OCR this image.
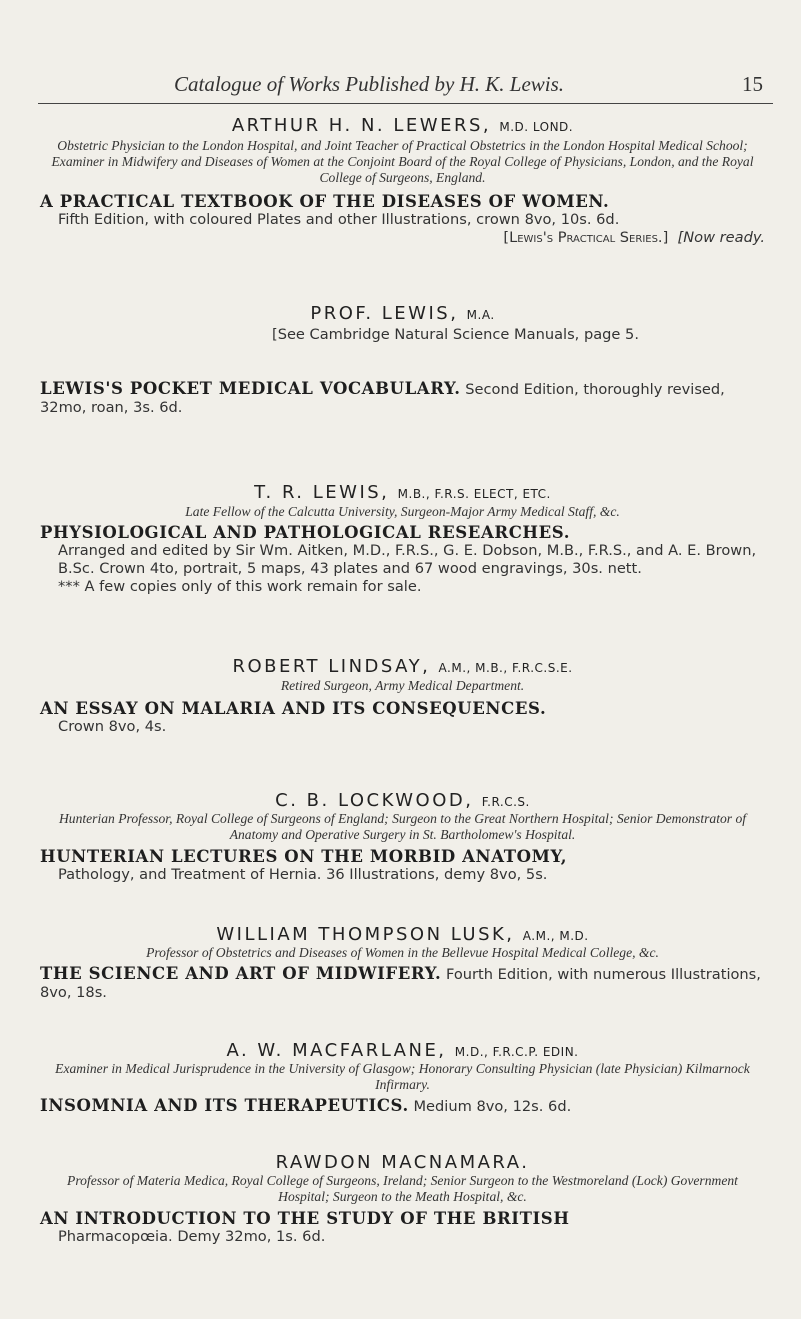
Catalogue of Works Published by H. K. Lewis.	15
ARTHUR H. N. LEWERS, M.D. LOND.
Obstetric Physician to the London Hospital, and Joint Teacher of Practical Obstetrics in the London Hospital Medical School; Examiner in Midwifery and Diseases of Women at the Conjoint Board of the Royal College of Physicians, London, and the Royal College of Surgeons, England.
A PRACTICAL TEXTBOOK OF THE DISEASES OF WOMEN.
Fifth Edition, with coloured Plates and other Illustrations, crown 8vo, 10s. 6d.
[Lewis's Practical Series.] [Now ready.
PROF. LEWIS, M.A.
[See Cambridge Natural Science Manuals, page 5.
LEWIS'S POCKET MEDICAL VOCABULARY. Second Edition, thoroughly revised, 32mo, roan, 3s. 6d.
T. R. LEWIS, M.B., F.R.S. ELECT, ETC.
Late Fellow of the Calcutta University, Surgeon-Major Army Medical Staff, &c.
PHYSIOLOGICAL AND PATHOLOGICAL RESEARCHES.
Arranged and edited by Sir Wm. Aitken, M.D., F.R.S., G. E. Dobson, M.B., F.R.S., and A. E. Brown, B.Sc. Crown 4to, portrait, 5 maps, 43 plates and 67 wood engravings, 30s. nett.
*** A few copies only of this work remain for sale.
ROBERT LINDSAY, A.M., M.B., F.R.C.S.E.
Retired Surgeon, Army Medical Department.
AN ESSAY ON MALARIA AND ITS CONSEQUENCES.
Crown 8vo, 4s.
C. B. LOCKWOOD, F.R.C.S.
Hunterian Professor, Royal College of Surgeons of England; Surgeon to the Great Northern Hospital; Senior Demonstrator of Anatomy and Operative Surgery in St. Bartholomew's Hospital.
HUNTERIAN LECTURES ON THE MORBID ANATOMY,
Pathology, and Treatment of Hernia. 36 Illustrations, demy 8vo, 5s.
WILLIAM THOMPSON LUSK, A.M., M.D.
Professor of Obstetrics and Diseases of Women in the Bellevue Hospital Medical College, &c.
THE SCIENCE AND ART OF MIDWIFERY. Fourth Edition, with numerous Illustrations, 8vo, 18s.
A. W. MACFARLANE, M.D., F.R.C.P. EDIN.
Examiner in Medical Jurisprudence in the University of Glasgow; Honorary Consulting Physician (late Physician) Kilmarnock Infirmary.
INSOMNIA AND ITS THERAPEUTICS. Medium 8vo, 12s. 6d.
RAWDON MACNAMARA.
Professor of Materia Medica, Royal College of Surgeons, Ireland; Senior Surgeon to the Westmoreland (Lock) Government Hospital; Surgeon to the Meath Hospital, &c.
AN INTRODUCTION TO THE STUDY OF THE BRITISH
Pharmacopœia. Demy 32mo, 1s. 6d.
